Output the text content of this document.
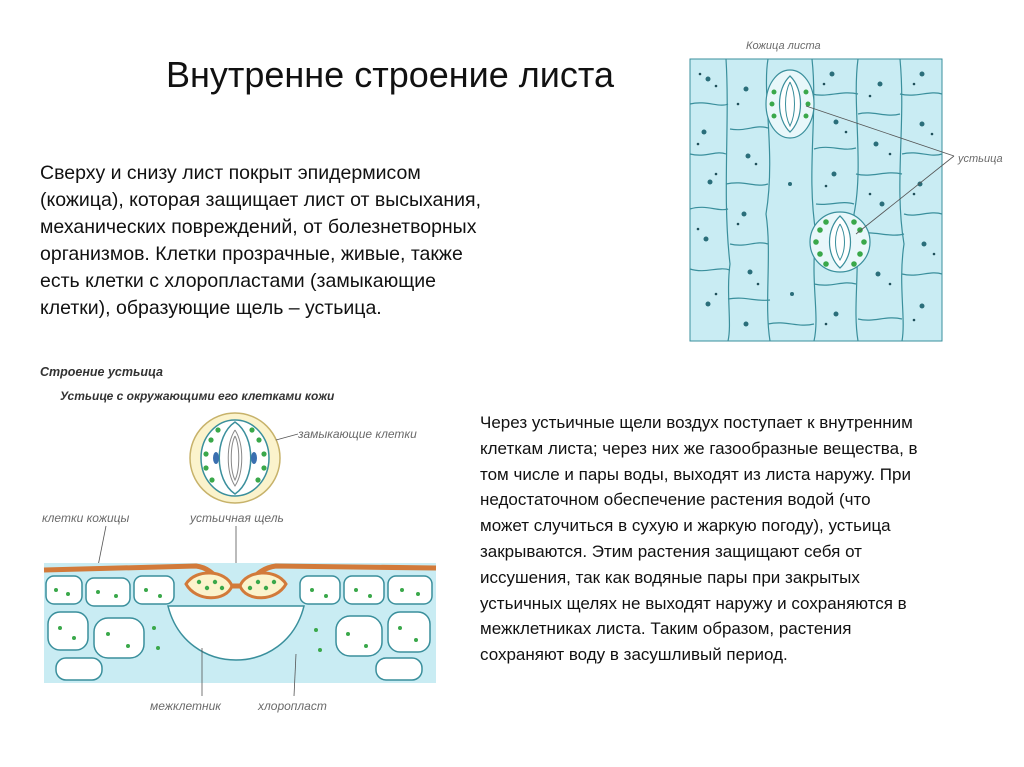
Внутренне строение листа
Сверху и снизу лист покрыт эпидермисом
(кожица), которая защищает лист от высыхания,
механических повреждений, от болезнетворных
организмов. Клетки прозрачные, живые, также
есть клетки с хлоропластами (замыкающие
клетки), образующие щель – устьица.
Через устьичные щели воздух поступает к внутренним
клеткам листа; через них же газообразные вещества, в
том числе и пары воды, выходят из листа наружу. При
недостаточном обеспечение растения водой (что
может случиться в сухую и жаркую погоду), устьица
закрываются. Этим растения защищают себя от
иссушения, так как водяные пары при закрытых
устьичных щелях не выходят наружу и сохраняются в
межклетниках листа. Таким образом, растения
сохраняют воду в засушливый период.
Кожица листа
устьица
Строение устьица
Устьице с окружающими его клетками кожи
замыкающие клетки
клетки кожицы	устьичная щель
межклетник	хлоропласт
